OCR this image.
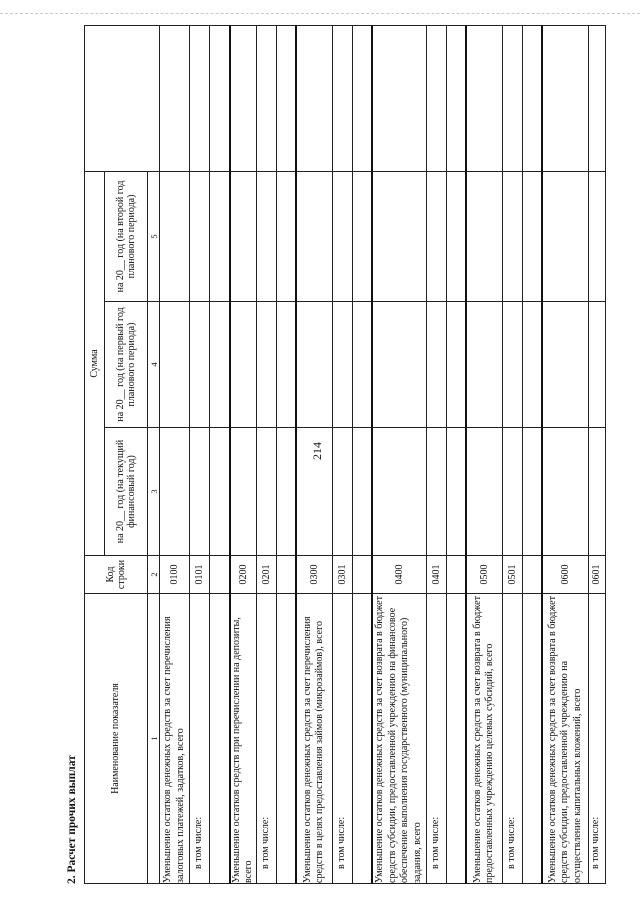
214
2. Расчет прочих выплат
Наименование показателя	Код строки	Сумма			
		на 20__ год (на текущий финансовый год)	на 20__ год (на первый год планового периода)	на 20__ год (на второй год планового периода)	
1	2	3	4	5	
Уменьшение остатков денежных средств за счет перечисления залоговых платежей, задатков, всего	0100				
в том числе:	0101				

Уменьшение остатков средств при перечислении на депозиты, всего	0200				
в том числе:	0201				

Уменьшение остатков денежных средств за счет перечисления средств в целях предоставления займов (микрозаймов), всего	0300				
в том числе:	0301				

Уменьшение остатков денежных средств за счет возврата в бюджет средств субсидии, предоставленной учреждению на финансовое обеспечение выполнения государственного (муниципального) задания, всего	0400				
в том числе:	0401				

Уменьшение остатков денежных средств за счет возврата в бюджет предоставленных учреждению целевых субсидий, всего	0500				
в том числе:	0501				

Уменьшение остатков денежных средств за счет возврата в бюджет средств субсидии, предоставленной учреждению на осуществление капитальных вложений, всего	0600				
в том числе:	0601				
